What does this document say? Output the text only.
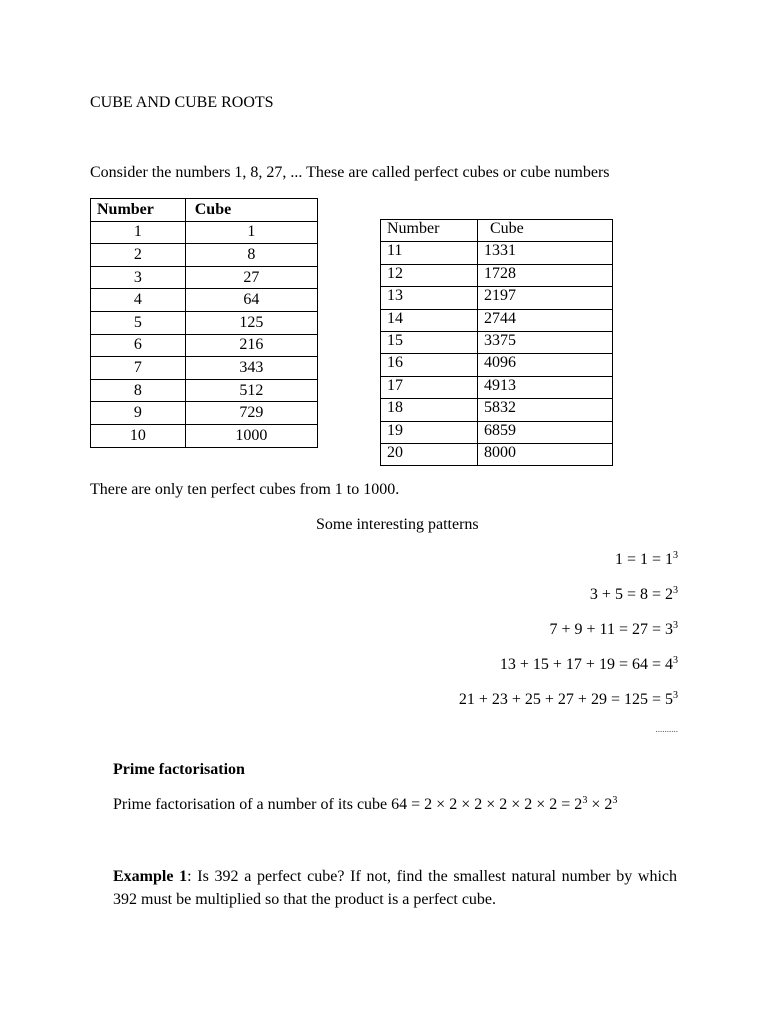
CUBE AND CUBE ROOTS
Consider the numbers 1, 8, 27, ... These are called perfect cubes or cube numbers
Number	Cube
1	1
2	8
3	27
4	64
5	125
6	216
7	343
8	512
9	729
10	1000
Number	Cube
11	1331
12	1728
13	2197
14	2744
15	3375
16	4096
17	4913
18	5832
19	6859
20	8000
There are only ten perfect cubes from 1 to 1000.
Some interesting patterns
$1 = 1 = 1^3$
$3 + 5 = 8 = 2^3$
$7 + 9 + 11 = 27 = 3^3$
$13 + 15 + 17 + 19 = 64 = 4^3$
$21 + 23 + 25 + 27 + 29 = 125 = 5^3$
..........
Prime factorisation
Prime factorisation of a number of its cube $64 = 2 \times 2 \times 2 \times 2 \times 2 \times 2 = 2^3 \times 2^3$
Example 1: Is 392 a perfect cube? If not, find the smallest natural number by which 392 must be multiplied so that the product is a perfect cube.
